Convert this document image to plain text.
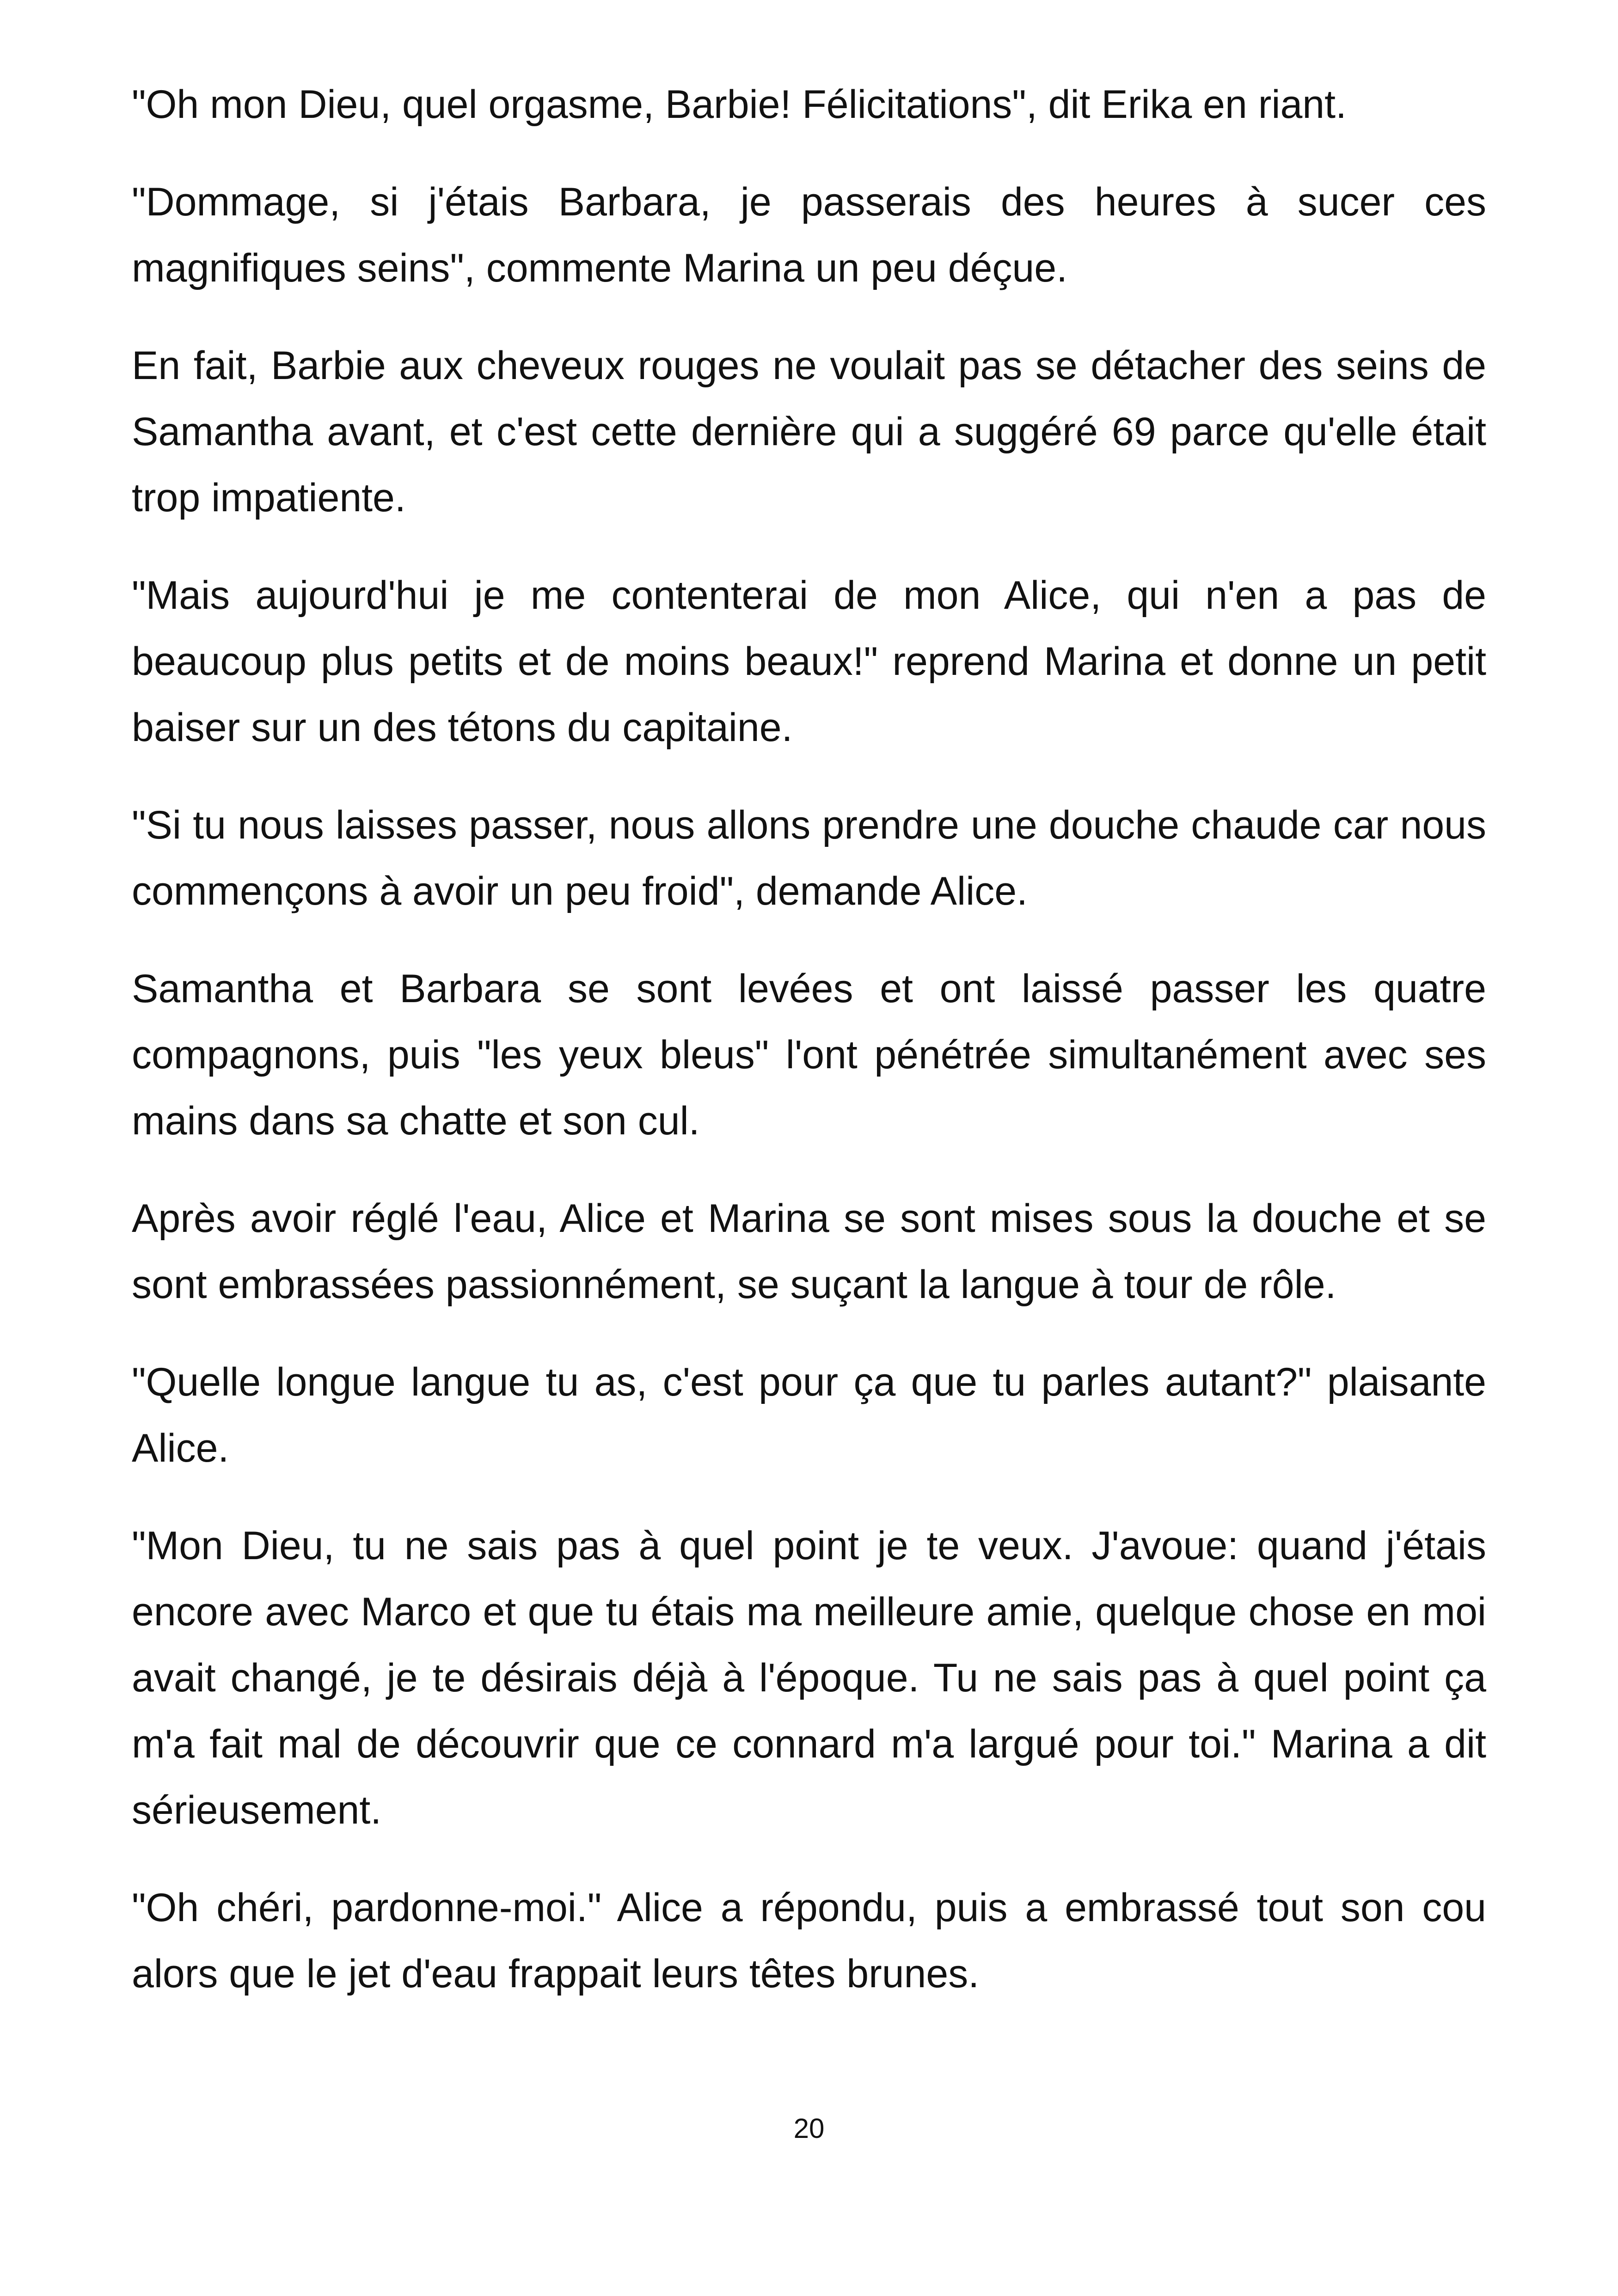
"Oh mon Dieu, quel orgasme, Barbie! Félicitations", dit Erika en riant.

"Dommage, si j'étais Barbara, je passerais des heures à sucer ces magnifiques seins", commente Marina un peu déçue.

En fait, Barbie aux cheveux rouges ne voulait pas se détacher des seins de Samantha avant, et c'est cette dernière qui a suggéré 69 parce qu'elle était trop impatiente.

"Mais aujourd'hui je me contenterai de mon Alice, qui n'en a pas de beaucoup plus petits et de moins beaux!" reprend Marina et donne un petit baiser sur un des tétons du capitaine.

"Si tu nous laisses passer, nous allons prendre une douche chaude car nous commençons à avoir un peu froid", demande Alice.

Samantha et Barbara se sont levées et ont laissé passer les quatre compagnons, puis "les yeux bleus" l'ont pénétrée simultanément avec ses mains dans sa chatte et son cul.

Après avoir réglé l'eau, Alice et Marina se sont mises sous la douche et se sont embrassées passionnément, se suçant la langue à tour de rôle.

"Quelle longue langue tu as, c'est pour ça que tu parles autant?" plaisante Alice.

"Mon Dieu, tu ne sais pas à quel point je te veux. J'avoue: quand j'étais encore avec Marco et que tu étais ma meilleure amie, quelque chose en moi avait changé, je te désirais déjà à l'époque. Tu ne sais pas à quel point ça m'a fait mal de découvrir que ce connard m'a largué pour toi." Marina a dit sérieusement.

"Oh chéri, pardonne-moi." Alice a répondu, puis a embrassé tout son cou alors que le jet d'eau frappait leurs têtes brunes.

20
